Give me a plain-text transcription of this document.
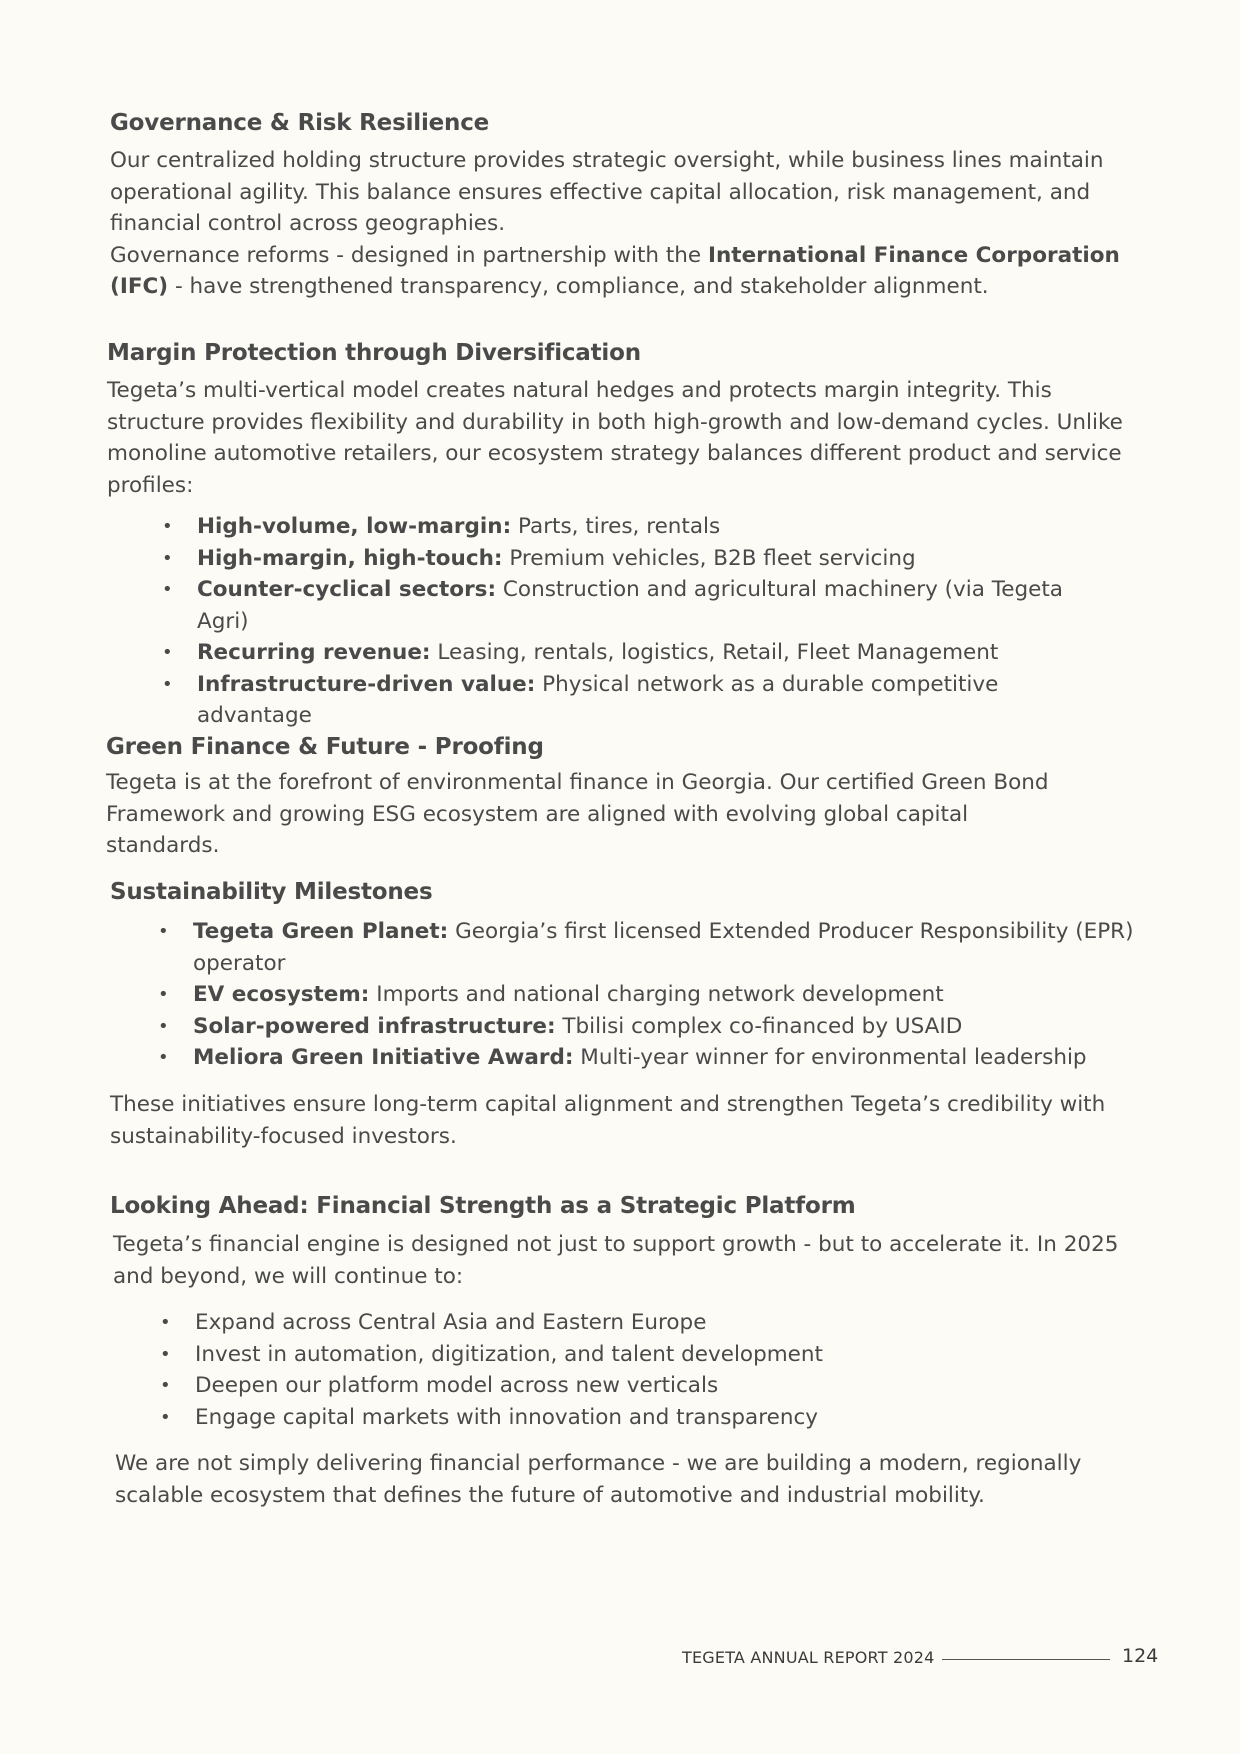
Governance & Risk Resilience

Our centralized holding structure provides strategic oversight, while business lines maintain operational agility. This balance ensures effective capital allocation, risk management, and financial control across geographies.

Governance reforms - designed in partnership with the International Finance Corporation (IFC) - have strengthened transparency, compliance, and stakeholder alignment.

Margin Protection through Diversification

Tegeta’s multi-vertical model creates natural hedges and protects margin integrity. This structure provides flexibility and durability in both high-growth and low-demand cycles. Unlike monoline automotive retailers, our ecosystem strategy balances different product and service profiles:

• High-volume, low-margin: Parts, tires, rentals
• High-margin, high-touch: Premium vehicles, B2B fleet servicing
• Counter-cyclical sectors: Construction and agricultural machinery (via Tegeta Agri)
• Recurring revenue: Leasing, rentals, logistics, Retail, Fleet Management
• Infrastructure-driven value: Physical network as a durable competitive advantage
Green Finance & Future - Proofing

Tegeta is at the forefront of environmental finance in Georgia. Our certified Green Bond Framework and growing ESG ecosystem are aligned with evolving global capital standards.

Sustainability Milestones
• Tegeta Green Planet: Georgia’s first licensed Extended Producer Responsibility (EPR) operator
• EV ecosystem: Imports and national charging network development
• Solar-powered infrastructure: Tbilisi complex co-financed by USAID
• Meliora Green Initiative Award: Multi-year winner for environmental leadership

These initiatives ensure long-term capital alignment and strengthen Tegeta’s credibility with sustainability-focused investors.

Looking Ahead: Financial Strength as a Strategic Platform

Tegeta’s financial engine is designed not just to support growth - but to accelerate it. In 2025 and beyond, we will continue to:

• Expand across Central Asia and Eastern Europe
• Invest in automation, digitization, and talent development
• Deepen our platform model across new verticals
• Engage capital markets with innovation and transparency

We are not simply delivering financial performance - we are building a modern, regionally scalable ecosystem that defines the future of automotive and industrial mobility.

TEGETA ANNUAL REPORT 2024	124
